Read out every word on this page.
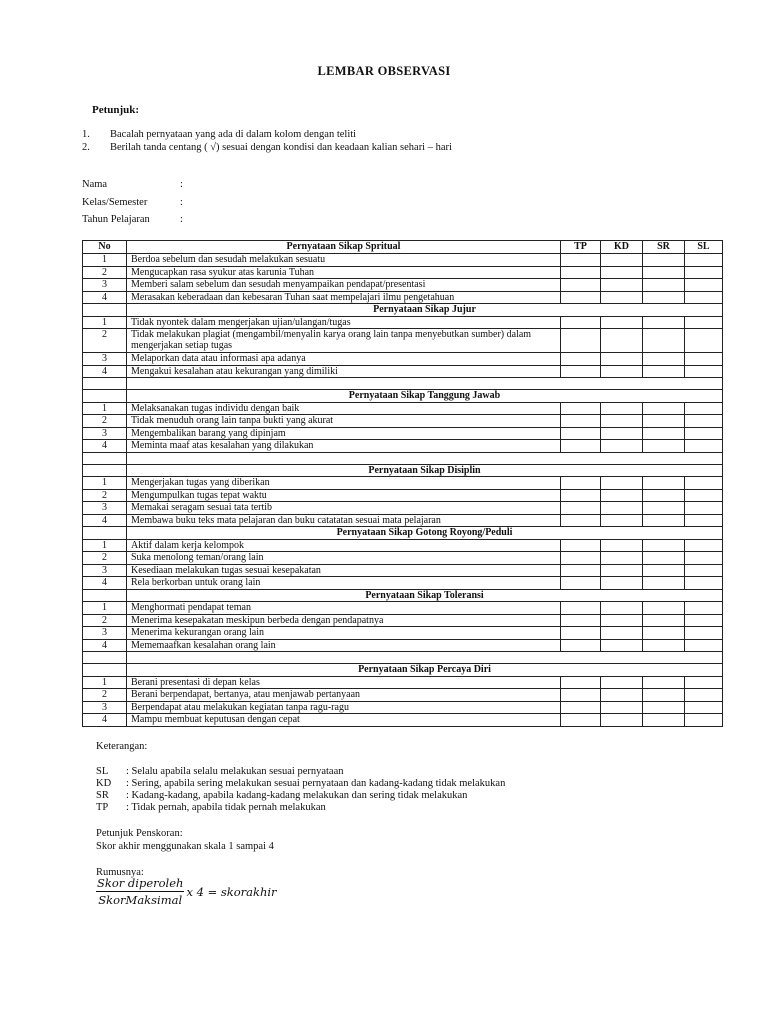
LEMBAR OBSERVASI
Petunjuk:
1.	Bacalah pernyataan yang ada di dalam kolom dengan teliti
2.	Berilah tanda centang ( √) sesuai dengan kondisi dan keadaan kalian sehari – hari
Nama	:
Kelas/Semester	:
Tahun Pelajaran	:
No	Pernyataan Sikap Spritual	TP	KD	SR	SL
1	Berdoa sebelum dan sesudah melakukan sesuatu				
2	Mengucapkan rasa syukur atas karunia Tuhan				
3	Memberi salam sebelum dan sesudah menyampaikan pendapat/presentasi				
4	Merasakan keberadaan dan kebesaran Tuhan saat mempelajari ilmu pengetahuan				
	Pernyataan Sikap Jujur				
1	Tidak nyontek dalam mengerjakan ujian/ulangan/tugas				
2	Tidak melakukan plagiat (mengambil/menyalin karya orang lain tanpa menyebutkan sumber) dalam mengerjakan setiap tugas				
3	Melaporkan data atau informasi apa adanya				
4	Mengakui kesalahan atau kekurangan yang dimiliki				

	Pernyataan Sikap Tanggung Jawab				
1	Melaksanakan tugas individu dengan baik				
2	Tidak menuduh orang lain tanpa bukti yang akurat				
3	Mengembalikan barang yang dipinjam				
4	Meminta maaf atas kesalahan yang dilakukan				

	Pernyataan Sikap Disiplin				
1	Mengerjakan tugas yang diberikan				
2	Mengumpulkan tugas tepat waktu				
3	Memakai seragam sesuai tata tertib				
4	Membawa buku teks mata pelajaran dan buku catatatan sesuai mata pelajaran				
	Pernyataan Sikap Gotong Royong/Peduli				
1	Aktif dalam kerja kelompok				
2	Suka menolong teman/orang lain				
3	Kesediaan melakukan tugas sesuai kesepakatan				
4	Rela berkorban untuk orang lain				
	Pernyataan Sikap Toleransi				
1	Menghormati pendapat teman				
2	Menerima kesepakatan meskipun berbeda dengan pendapatnya				
3	Menerima kekurangan orang lain				
4	Mememaafkan kesalahan orang lain				

	Pernyataan Sikap Percaya Diri				
1	Berani presentasi di depan kelas				
2	Berani berpendapat, bertanya, atau menjawab pertanyaan				
3	Berpendapat atau melakukan kegiatan tanpa ragu-ragu				
4	Mampu membuat keputusan dengan cepat				
Keterangan:
SL	: Selalu apabila selalu melakukan sesuai pernyataan
KD	: Sering, apabila sering melakukan sesuai pernyataan dan kadang-kadang tidak melakukan
SR	: Kadang-kadang, apabila kadang-kadang melakukan dan sering tidak melakukan
TP	: Tidak pernah, apabila tidak pernah melakukan
Petunjuk Penskoran:
Skor akhir menggunakan skala 1 sampai 4
Rumusnya:
$\frac{\text{Skor diperoleh}}{\text{SkorMaksimal}}$ x 4 = skorakhir
